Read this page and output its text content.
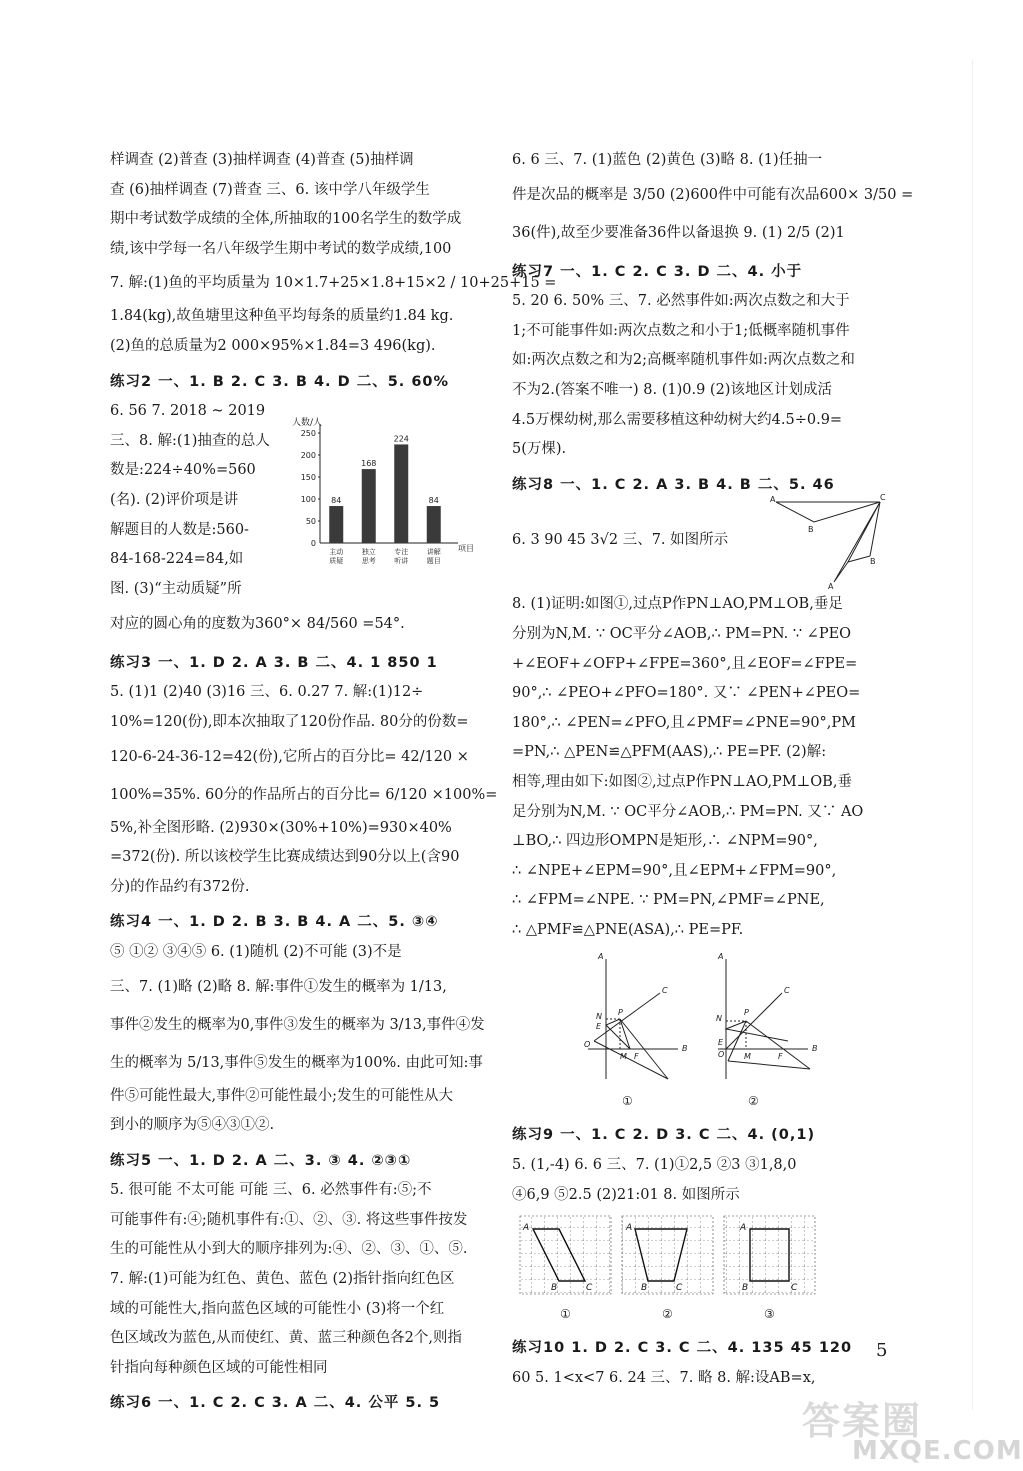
样调查 (2)普查 (3)抽样调查 (4)普查 (5)抽样调
查 (6)抽样调查 (7)普查 三、6. 该中学八年级学生
期中考试数学成绩的全体,所抽取的100名学生的数学成
绩,该中学每一名八年级学生期中考试的数学成绩,100
7. 解:(1)鱼的平均质量为 10×1.7+25×1.8+15×2 / 10+25+15 =
1.84(kg),故鱼塘里这种鱼平均每条的质量约1.84 kg.
(2)鱼的总质量为2 000×95%×1.84=3 496(kg).
练习2 一、1. B 2. C 3. B 4. D 二、5. 60%
6. 56 7. 2018 ~ 2019
三、8. 解:(1)抽查的总人
数是:224÷40%=560
(名). (2)评价项是讲
解题目的人数是:560-
84-168-224=84,如
图. (3)“主动质疑”所
人数/人
项目
0
50
100
150
200
250
84
主动
质疑
168
独立
思考
224
专注
听讲
84
讲解
题目
对应的圆心角的度数为360°× 84/560 =54°.
练习3 一、1. D 2. A 3. B 二、4. 1 850 1
5. (1)1 (2)40 (3)16 三、6. 0.27 7. 解:(1)12÷
10%=120(份),即本次抽取了120份作品. 80分的份数=
120-6-24-36-12=42(份),它所占的百分比= 42/120 ×
100%=35%. 60分的作品所占的百分比= 6/120 ×100%=
5%,补全图形略. (2)930×(30%+10%)=930×40%
=372(份). 所以该校学生比赛成绩达到90分以上(含90
分)的作品约有372份.
练习4 一、1. D 2. B 3. B 4. A 二、5. ③④
⑤ ①② ③④⑤ 6. (1)随机 (2)不可能 (3)不是
三、7. (1)略 (2)略 8. 解:事件①发生的概率为 1/13,
事件②发生的概率为0,事件③发生的概率为 3/13,事件④发
生的概率为 5/13,事件⑤发生的概率为100%. 由此可知:事
件⑤可能性最大,事件②可能性最小;发生的可能性从大
到小的顺序为⑤④③①②.
练习5 一、1. D 2. A 二、3. ③ 4. ②③①
5. 很可能 不太可能 可能 三、6. 必然事件有:⑤;不
可能事件有:④;随机事件有:①、②、③. 将这些事件按发
生的可能性从小到大的顺序排列为:④、②、③、①、⑤.
7. 解:(1)可能为红色、黄色、蓝色 (2)指针指向红色区
域的可能性大,指向蓝色区域的可能性小 (3)将一个红
色区域改为蓝色,从而使红、黄、蓝三种颜色各2个,则指
针指向每种颜色区域的可能性相同
练习6 一、1. C 2. C 3. A 二、4. 公平 5. 5
6. 6 三、7. (1)蓝色 (2)黄色 (3)略 8. (1)任抽一
件是次品的概率是 3/50 (2)600件中可能有次品600× 3/50 =
36(件),故至少要准备36件以备退换 9. (1) 2/5 (2)1
练习7 一、1. C 2. C 3. D 二、4. 小于
5. 20 6. 50% 三、7. 必然事件如:两次点数之和大于
1;不可能事件如:两次点数之和小于1;低概率随机事件
如:两次点数之和为2;高概率随机事件如:两次点数之和
不为2.(答案不唯一) 8. (1)0.9 (2)该地区计划成活
4.5万棵幼树,那么需要移植这种幼树大约4.5÷0.9=
5(万棵).
练习8 一、1. C 2. A 3. B 4. B 二、5. 46
6. 3 90 45 3√2 三、7. 如图所示
A	C
B
B
A
8. (1)证明:如图①,过点P作PN⊥AO,PM⊥OB,垂足
分别为N,M. ∵ OC平分∠AOB,∴ PM=PN. ∵ ∠PEO
+∠EOF+∠OFP+∠FPE=360°,且∠EOF=∠FPE=
90°,∴ ∠PEO+∠PFO=180°. 又∵ ∠PEN+∠PEO=
180°,∴ ∠PEN=∠PFO,且∠PMF=∠PNE=90°,PM
=PN,∴ △PEN≌△PFM(AAS),∴ PE=PF. (2)解:
相等,理由如下:如图②,过点P作PN⊥AO,PM⊥OB,垂
足分别为N,M. ∵ OC平分∠AOB,∴ PM=PN. 又∵ AO
⊥BO,∴ 四边形OMPN是矩形,∴ ∠NPM=90°,
∴ ∠NPE+∠EPM=90°,且∠EPM+∠FPM=90°,
∴ ∠FPM=∠NPE. ∵ PM=PN,∠PMF=∠PNE,
∴ △PMF≌△PNE(ASA),∴ PE=PF.
A
C
N P
E
O
M F
B
A
C
N
P
E
O M	F
B
①	②
练习9 一、1. C 2. D 3. C 二、4. (0,1)
5. (1,-4) 6. 6 三、7. (1)①2,5 ②3 ③1,8,0
④6,9 ⑤2.5 (2)21:01 8. 如图所示
A
B	C
A
B	C
A
B	C
①	②	③
练习10 1. D 2. C 3. C 二、4. 135 45 120
60 5. 1<x<7 6. 24 三、7. 略 8. 解:设AB=x,
5
答案圈
MXQE.COM
